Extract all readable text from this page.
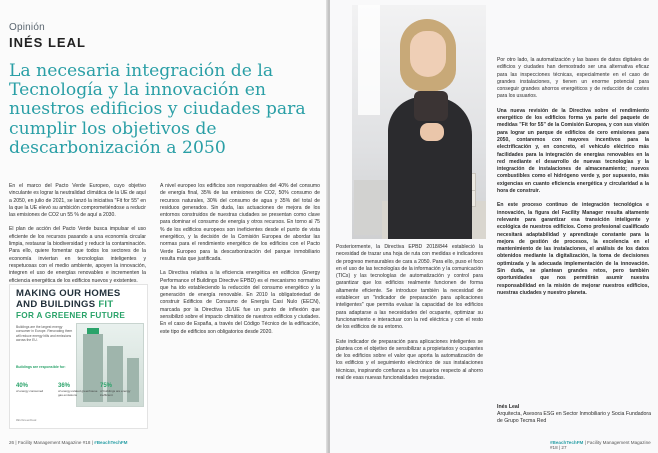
Opinión
INÉS LEAL
La necesaria integración de la Tecnología y la innovación en nuestros edificios y ciudades para cumplir los objetivos de descarbonización a 2050

En el marco del Pacto Verde Europeo, cuyo objetivo vinculante es lograr la neutralidad climática de la UE de aquí a 2050, en julio de 2021, se lanzó la iniciativa "Fit for 55" en la que la UE elevó su ambición comprometiéndose a reducir las emisiones de CO2 un 55 % de aquí a 2030.

El plan de acción del Pacto Verde busca impulsar el uso eficiente de los recursos pasando a una economía circular limpia, restaurar la biodiversidad y reducir la contaminación. Para ello, quiere fomentar que todos los sectores de la economía inviertan en tecnologías inteligentes y respetuosas con el medio ambiente, apoyen la innovación, integren el uso de energías renovables e incrementen la eficiencia energética de los edificios nuevos y existentes.

A nivel europeo los edificios son responsables del 40% del consumo de energía final, 35% de las emisiones de CO2, 50% consumo de recursos naturales, 30% del consumo de agua y 35% del total de residuos generados. Sin duda, las actuaciones de mejora de los entornos construidos de nuestras ciudades se presentan como clave para dominar el consumo de energía y otros recursos. En torno al 75 % de los edificios europeos son ineficientes desde el punto de vista energético, y la decisión de la Comisión Europea de abordar las normas para el rendimiento energético de los edificios con el Pacto Verde Europeo para la descarbonización del parque inmobiliario resulta más que justificada.

La Directiva relativa a la eficiencia energética en edificios (Energy Performance of Buildings Directive EPBD) es el mecanismo normativo que ha ido estableciendo la reducción del consumo energético y la generación de energía renovable. En 2010 la obligatoriedad de construir Edificios de Consumo de Energía Casi Nulo (EECN), marcada por la Directiva 31/UE fue un punto de inflexión que sensibilizó sobre el impacto climático de nuestros edificios y ciudades. En el caso de España, a través del Código Técnico de la edificación, este tipo de edificios son obligatorios desde 2020.

MAKING OUR HOMES
AND BUILDINGS FIT
FOR A GREENER FUTURE
Buildings are the largest energy consumer in Europe. Renovating them will reduce energy bills and emissions across the EU.
Buildings are responsible for:
40%
of energy consumed
36%
of energy-related greenhouse gas emissions
75%
of buildings are energy inefficient
#EUGreenDeal
26 | Facility Management Magazine #18 | #BeachTechFM	#BeachTechFM | Facility Management Magazine #18 | 27

Posteriormente, la Directiva EPBD 2018/844 estableció la necesidad de trazar una hoja de ruta con medidas e indicadores de progreso mensurables de cara a 2050. Para ello, puso el foco en el uso de las tecnologías de la información y la comunicación (TICs) y las tecnologías de automatización y control para garantizar que los edificios realmente funcionen de forma altamente eficiente. Se introduce también la necesidad de establecer un "indicador de preparación para aplicaciones inteligentes" que permita evaluar la capacidad de los edificios para adaptarse a las necesidades del ocupante, optimizar su funcionamiento e interactuar con la red eléctrica y con el resto de los edificios de su entorno.

Este indicador de preparación para aplicaciones inteligentes se plantea con el objetivo de sensibilizar a propietarios y ocupantes de los edificios sobre el valor que aporta la automatización de los edificios y el seguimiento electrónico de sus instalaciones técnicas, inspirando confianza a los usuarios respecto al ahorro real de esas nuevas funcionalidades mejoradas.

Por otro lado, la automatización y las bases de datos digitales de edificios y ciudades han demostrado ser una alternativa eficaz para las inspecciones técnicas, especialmente en el caso de grandes instalaciones, y tienen un enorme potencial para conseguir grandes ahorros energéticos y de reducción de costes para los usuarios.

Una nueva revisión de la Directiva sobre el rendimiento energético de los edificios forma ya parte del paquete de medidas "Fit for 55" de la Comisión Europea, y con sus visión para lograr un parque de edificios de cero emisiones para 2050, contaremos con mayores incentivos para la electrificación y, en concreto, el vehículo eléctrico más facilidades para la integración de energías renovables en la red mediante el desarrollo de nuevas tecnologías y la integración de instalaciones de almacenamiento; nuevos combustibles como el hidrógeno verde y, por supuesto, más exigencias en cuanto eficiencia energética y circularidad a la hora de construir.

En este proceso continuo de integración tecnológica e innovación, la figura del Facility Manager resulta altamente relevante para garantizar esa transición inteligente y ecológica de nuestros edificios. Como profesional cualificado necesitará adaptabilidad y aprendizaje constante para la mejora de gestión de procesos, la excelencia en el mantenimiento de las instalaciones, el análisis de los datos obtenidos mediante la digitalización, la toma de decisiones optimizada y la adecuada implementación de la innovación. Sin duda, se plantean grandes retos, pero también oportunidades que nos permitirán asumir nuestra responsabilidad en la misión de mejorar nuestros edificios, nuestras ciudades y nuestro planeta.

Inés Leal
Arquitecta, Asesora ESG en Sector Inmobiliario y Socia Fundadora de Grupo Tecma Red
